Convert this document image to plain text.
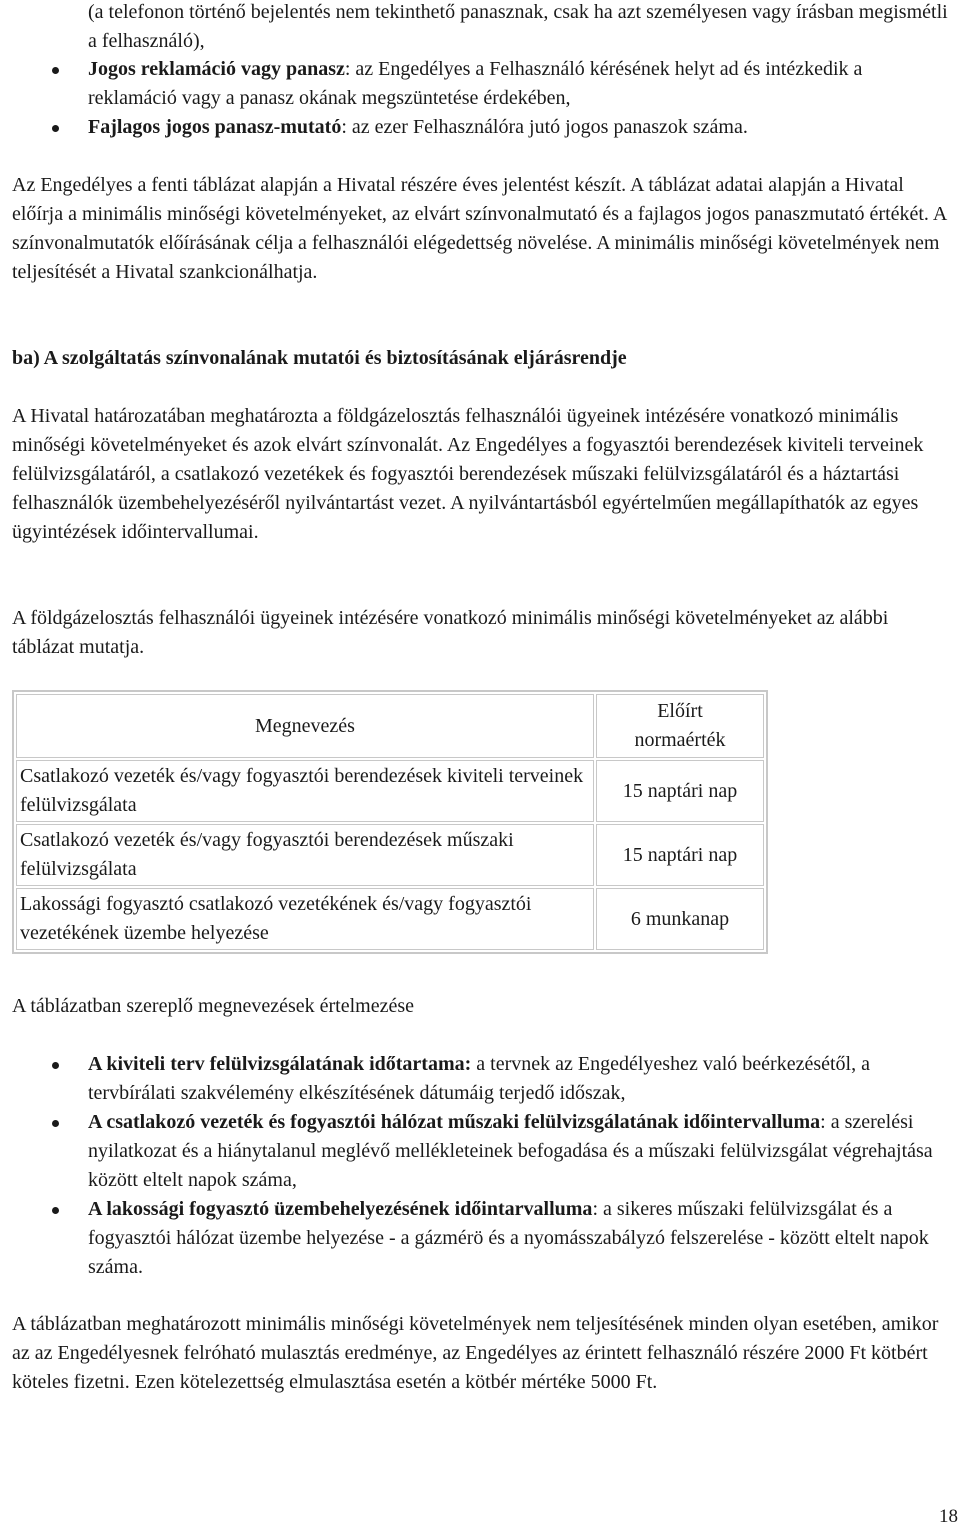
(a telefonon történő bejelentés nem tekinthető panasznak, csak ha azt személyesen vagy írásban megismétli a felhasználó),

Jogos reklamáció vagy panasz: az Engedélyes a Felhasználó kérésének helyt ad és intézkedik a reklamáció vagy a panasz okának megszüntetése érdekében,
Fajlagos jogos panasz-mutató: az ezer Felhasználóra jutó jogos panaszok száma.

Az Engedélyes a fenti táblázat alapján a Hivatal részére éves jelentést készít. A táblázat adatai alapján a Hivatal előírja a minimális minőségi követelményeket, az elvárt színvonalmutató és a fajlagos jogos panaszmutató értékét. A színvonalmutatók előírásának célja a felhasználói elégedettség növelése. A minimális minőségi követelmények nem teljesítését a Hivatal szankcionálhatja.

ba) A szolgáltatás színvonalának mutatói és biztosításának eljárásrendje

A Hivatal határozatában meghatározta a földgázelosztás felhasználói ügyeinek intézésére vonatkozó minimális minőségi követelményeket és azok elvárt színvonalát. Az Engedélyes a fogyasztói berendezések kiviteli terveinek felülvizsgálatáról, a csatlakozó vezetékek és fogyasztói berendezések műszaki felülvizsgálatáról és a háztartási felhasználók üzembehelyezéséről nyilvántartást vezet. A nyilvántartásból egyértelműen megállapíthatók az egyes ügyintézések időintervallumai.

A földgázelosztás felhasználói ügyeinek intézésére vonatkozó minimális minőségi követelményeket az alábbi táblázat mutatja.

Megnevezés	Előírt normaérték
Csatlakozó vezeték és/vagy fogyasztói berendezések kiviteli terveinek felülvizsgálata	15 naptári nap
Csatlakozó vezeték és/vagy fogyasztói berendezések műszaki felülvizsgálata	15 naptári nap
Lakossági fogyasztó csatlakozó vezetékének és/vagy fogyasztói vezetékének üzembe helyezése	6 munkanap

A táblázatban szereplő megnevezések értelmezése

A kiviteli terv felülvizsgálatának időtartama: a tervnek az Engedélyeshez való beérkezésétől, a tervbírálati szakvélemény elkészítésének dátumáig terjedő időszak,
A csatlakozó vezeték és fogyasztói hálózat műszaki felülvizsgálatának időintervalluma: a szerelési nyilatkozat és a hiánytalanul meglévő mellékleteinek befogadása és a műszaki felülvizsgálat végrehajtása között eltelt napok száma,
A lakossági fogyasztó üzembehelyezésének időintarvalluma: a sikeres műszaki felülvizsgálat és a fogyasztói hálózat üzembe helyezése - a gázmérö és a nyomásszabályzó felszerelése - között eltelt napok száma.

A táblázatban meghatározott minimális minőségi követelmények nem teljesítésének minden olyan esetében, amikor az az Engedélyesnek felróható mulasztás eredménye, az Engedélyes az érintett felhasználó részére 2000 Ft kötbért köteles fizetni. Ezen kötelezettség elmulasztása esetén a kötbér mértéke 5000 Ft.

18
